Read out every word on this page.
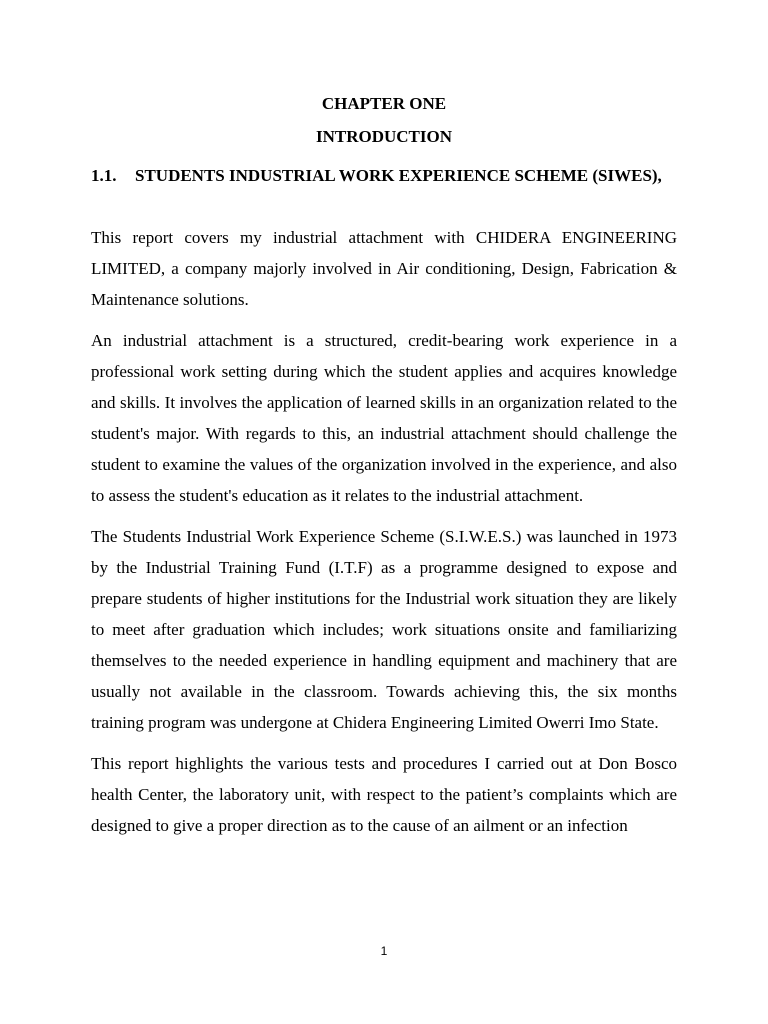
CHAPTER ONE
INTRODUCTION
1.1. STUDENTS INDUSTRIAL WORK EXPERIENCE SCHEME (SIWES),

This report covers my industrial attachment with CHIDERA ENGINEERING LIMITED, a company majorly involved in Air conditioning, Design, Fabrication & Maintenance solutions.

An industrial attachment is a structured, credit-bearing work experience in a professional work setting during which the student applies and acquires knowledge and skills. It involves the application of learned skills in an organization related to the student's major. With regards to this, an industrial attachment should challenge the student to examine the values of the organization involved in the experience, and also to assess the student's education as it relates to the industrial attachment.

The Students Industrial Work Experience Scheme (S.I.W.E.S.) was launched in 1973 by the Industrial Training Fund (I.T.F) as a programme designed to expose and prepare students of higher institutions for the Industrial work situation they are likely to meet after graduation which includes; work situations onsite and familiarizing themselves to the needed experience in handling equipment and machinery that are usually not available in the classroom. Towards achieving this, the six months training program was undergone at Chidera Engineering Limited Owerri Imo State.

This report highlights the various tests and procedures I carried out at Don Bosco health Center, the laboratory unit, with respect to the patient’s complaints which are designed to give a proper direction as to the cause of an ailment or an infection

1
